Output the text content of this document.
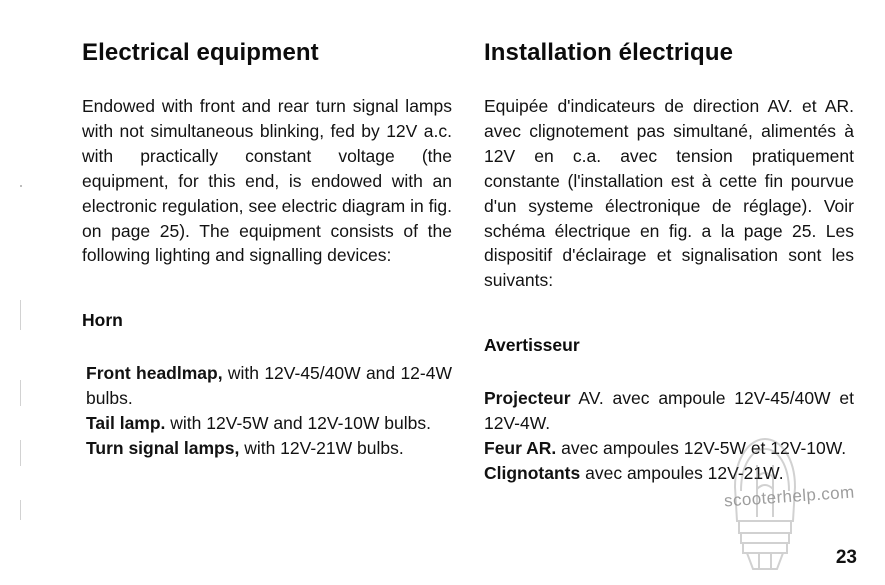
Electrical equipment

Endowed with front and rear turn signal lamps with not simultaneous blinking, fed by 12V a.c. with practically constant voltage (the equipment, for this end, is endowed with an electronic regulation, see electric diagram in fig. on page 25). The equipment consists of the following lighting and signalling devices:

Horn

Front headlmap, with 12V-45/40W and 12-4W bulbs.

Tail lamp. with 12V-5W and 12V-10W bulbs.

Turn signal lamps, with 12V-21W bulbs.

Installation électrique

Equipée d'indicateurs de direction AV. et AR. avec clignotement pas simultané, alimentés à 12V en c.a. avec tension pratiquement constante (l'installation est à cette fin pourvue d'un systeme électronique de réglage). Voir schéma électrique en fig. a la page 25. Les dispositif d'éclairage et signalisation sont les suivants:

Avertisseur

Projecteur AV. avec ampoule 12V-45/40W et 12V-4W.

Feur AR. avec ampoules 12V-5W et 12V-10W.

Clignotants avec ampoules 12V-21W.

scooterhelp.com
23
